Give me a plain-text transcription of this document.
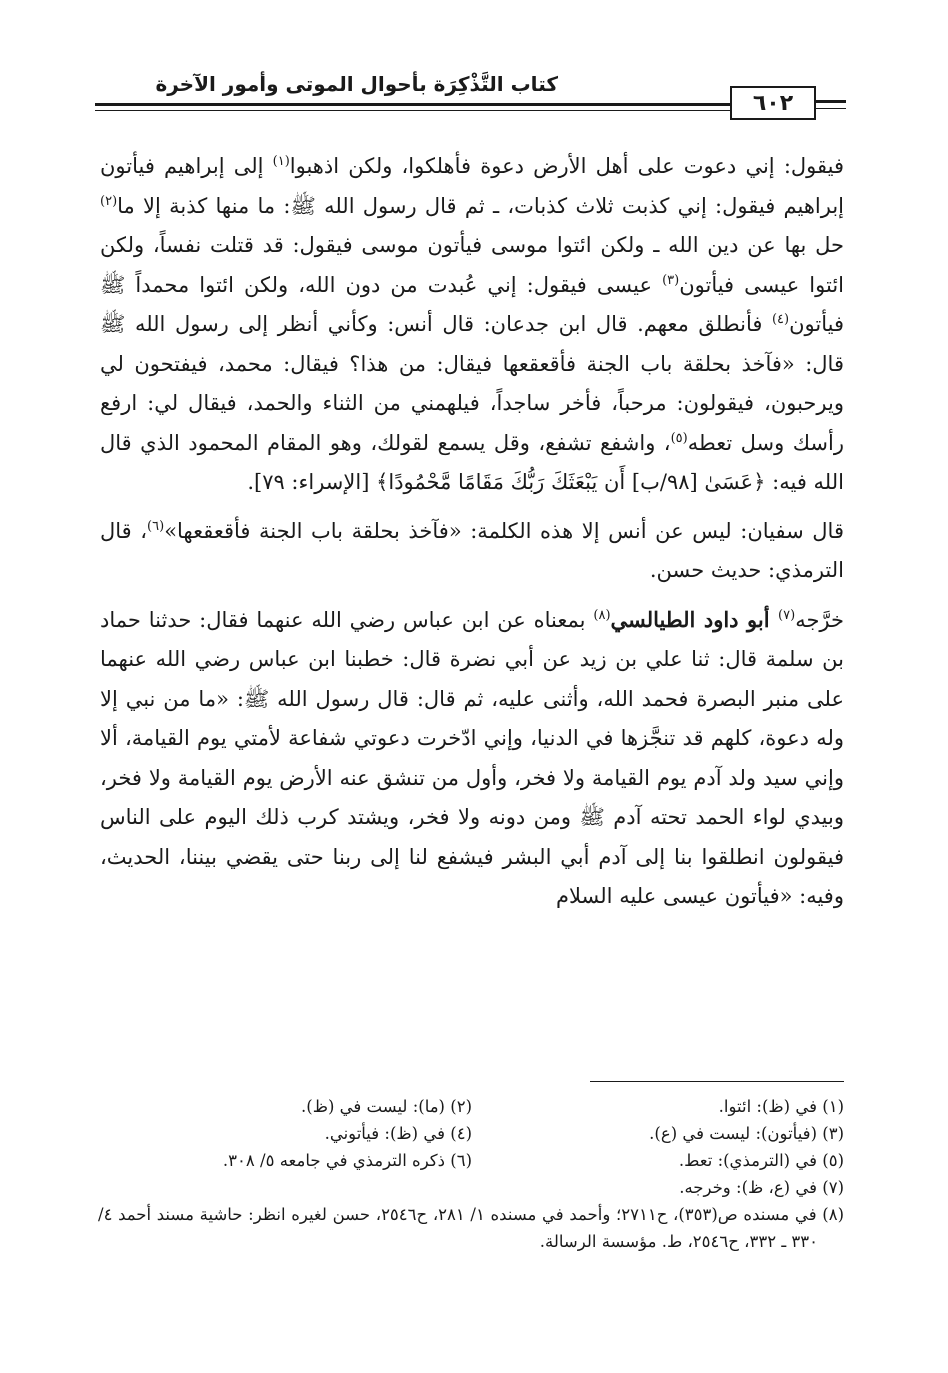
كتاب التَّذْكِرَة بأحوال الموتى وأمور الآخرة
٦٠٢

فيقول: إني دعوت على أهل الأرض دعوة فأهلكوا، ولكن اذهبوا$^{(١)}$ إلى إبراهيم فيأتون إبراهيم فيقول: إني كذبت ثلاث كذبات، ـ ثم قال رسول الله ﷺ: ما منها كذبة إلا ما$^{(٢)}$ حل بها عن دين الله ـ ولكن ائتوا موسى فيأتون موسى فيقول: قد قتلت نفساً، ولكن ائتوا عيسى فيأتون$^{(٣)}$ عيسى فيقول: إني عُبدت من دون الله، ولكن ائتوا محمداً ﷺ فيأتون$^{(٤)}$ فأنطلق معهم. قال ابن جدعان: قال أنس: وكأني أنظر إلى رسول الله ﷺ قال: «فآخذ بحلقة باب الجنة فأقعقعها فيقال: من هذا؟ فيقال: محمد، فيفتحون لي ويرحبون، فيقولون: مرحباً، فأخر ساجداً، فيلهمني من الثناء والحمد، فيقال لي: ارفع رأسك وسل تعطه$^{(٥)}$، واشفع تشفع، وقل يسمع لقولك، وهو المقام المحمود الذي قال الله فيه: ﴿عَسَىٰ [٩٨/ب] أَن يَبْعَثَكَ رَبُّكَ مَقَامًا مَّحْمُودًا﴾ [الإسراء: ٧٩].

قال سفيان: ليس عن أنس إلا هذه الكلمة: «فآخذ بحلقة باب الجنة فأقعقعها»$^{(٦)}$، قال الترمذي: حديث حسن.

خرَّجه$^{(٧)}$ أبو داود الطيالسي$^{(٨)}$ بمعناه عن ابن عباس رضي الله عنهما فقال: حدثنا حماد بن سلمة قال: ثنا علي بن زيد عن أبي نضرة قال: خطبنا ابن عباس رضي الله عنهما على منبر البصرة فحمد الله، وأثنى عليه، ثم قال: قال رسول الله ﷺ: «ما من نبي إلا وله دعوة، كلهم قد تنجَّزها في الدنيا، وإني ادّخرت دعوتي شفاعة لأمتي يوم القيامة، ألا وإني سيد ولد آدم يوم القيامة ولا فخر، وأول من تنشق عنه الأرض يوم القيامة ولا فخر، وبيدي لواء الحمد تحته آدم ﷺ ومن دونه ولا فخر، ويشتد كرب ذلك اليوم على الناس فيقولون انطلقوا بنا إلى آدم أبي البشر فيشفع لنا إلى ربنا حتى يقضي بيننا، الحديث، وفيه: «فيأتون عيسى عليه السلام

(١) في (ظ): ائتوا.
(٢) (ما): ليست في (ظ).
(٣) (فيأتون): ليست في (ع).
(٤) في (ظ): فيأتوني.
(٥) في (الترمذي): تعط.
(٦) ذكره الترمذي في جامعه ٥/ ٣٠٨.
(٧) في (ع، ظ): وخرجه.
(٨) في مسنده ص(٣٥٣)، ح٢٧١١؛ وأحمد في مسنده ١/ ٢٨١، ح٢٥٤٦، حسن لغيره انظر: حاشية مسند أحمد ٤/ ٣٣٠ ـ ٣٣٢، ح٢٥٤٦، ط. مؤسسة الرسالة.
